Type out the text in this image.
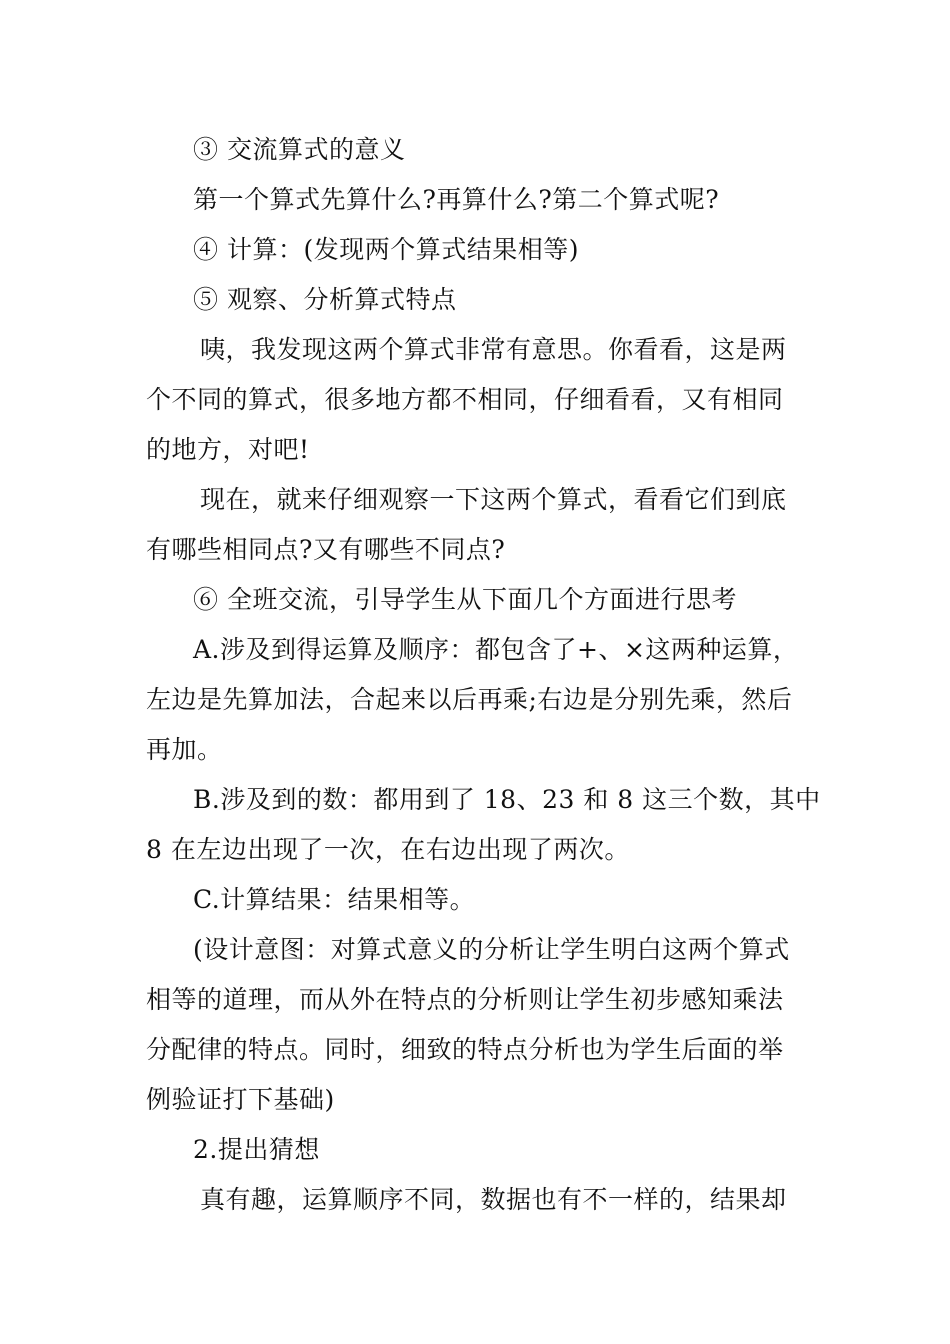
③ 交流算式的意义
第一个算式先算什么?再算什么?第二个算式呢?
④ 计算：(发现两个算式结果相等)
⑤ 观察、分析算式特点
咦，我发现这两个算式非常有意思。你看看，这是两
个不同的算式，很多地方都不相同，仔细看看，又有相同
的地方，对吧!
现在，就来仔细观察一下这两个算式，看看它们到底
有哪些相同点?又有哪些不同点?
⑥ 全班交流，引导学生从下面几个方面进行思考
A.涉及到得运算及顺序：都包含了+、×这两种运算，
左边是先算加法，合起来以后再乘;右边是分别先乘，然后
再加。
B.涉及到的数：都用到了 18、23 和 8 这三个数，其中
8 在左边出现了一次，在右边出现了两次。
C.计算结果：结果相等。
(设计意图：对算式意义的分析让学生明白这两个算式
相等的道理，而从外在特点的分析则让学生初步感知乘法
分配律的特点。同时，细致的特点分析也为学生后面的举
例验证打下基础)
2.提出猜想
真有趣，运算顺序不同，数据也有不一样的，结果却
